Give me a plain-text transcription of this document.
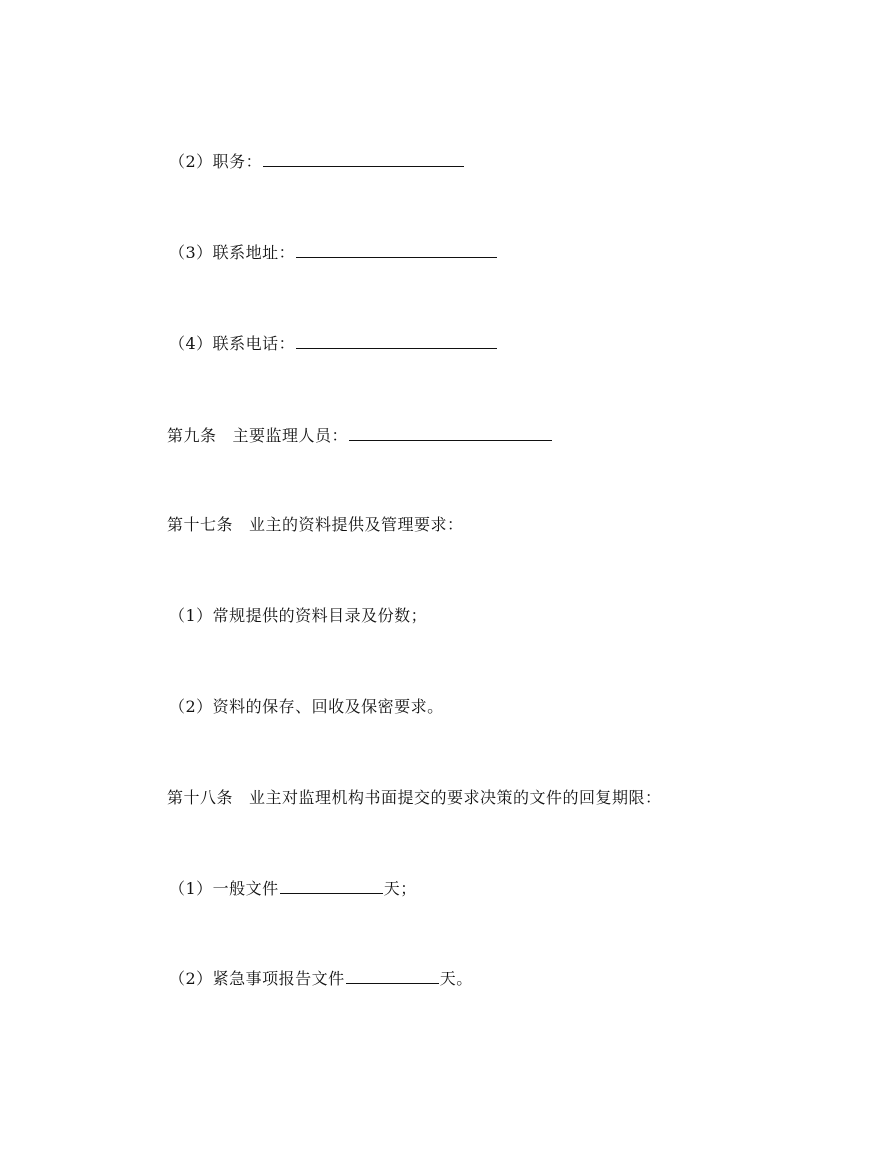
（2）职务：
（3）联系地址：
（4）联系电话：
第九条 主要监理人员：
第十七条 业主的资料提供及管理要求：
（1）常规提供的资料目录及份数；
（2）资料的保存、回收及保密要求。
第十八条 业主对监理机构书面提交的要求决策的文件的回复期限：
（1）一般文件	天；
（2）紧急事项报告文件	天。
